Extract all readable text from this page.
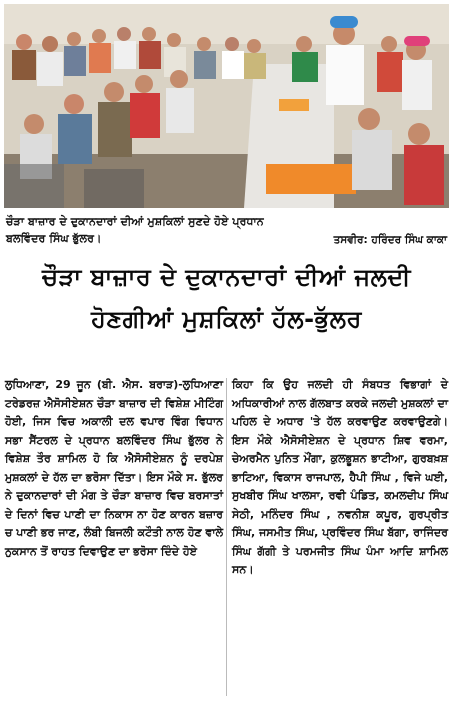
ਚੌੜਾ ਬਾਜ਼ਾਰ ਦੇ ਦੁਕਾਨਦਾਰਾਂ ਦੀਆਂ ਮੁਸ਼ਕਿਲਾਂ ਸੁਣਦੇ ਹੋਏ ਪ੍ਰਧਾਨ
ਬਲਵਿੰਦਰ ਸਿੰਘ ਭੁੱਲਰ।	ਤਸਵੀਰ: ਹਰਿੰਦਰ ਸਿੰਘ ਕਾਕਾ
ਚੌੜਾ ਬਾਜ਼ਾਰ ਦੇ ਦੁਕਾਨਦਾਰਾਂ ਦੀਆਂ ਜਲਦੀ
ਹੋਣਗੀਆਂ ਮੁਸ਼ਕਿਲਾਂ ਹੱਲ-ਭੁੱਲਰ

ਲੁਧਿਆਣਾ, 29 ਜੂਨ (ਬੀ. ਐਸ. ਬਰਾੜ)-ਲੁਧਿਆਣਾ ਟਰੇਡਰਜ਼ ਐਸੋਸੀਏਸ਼ਨ ਚੌੜਾ ਬਾਜ਼ਾਰ ਦੀ ਵਿਸ਼ੇਸ਼ ਮੀਟਿੰਗ ਹੋਈ, ਜਿਸ ਵਿਚ ਅਕਾਲੀ ਦਲ ਵਪਾਰ ਵਿੰਗ ਵਿਧਾਨ ਸਭਾ ਸੈਂਟਰਲ ਦੇ ਪ੍ਰਧਾਨ ਬਲਵਿੰਦਰ ਸਿੰਘ ਭੁੱਲਰ ਨੇ ਵਿਸ਼ੇਸ਼ ਤੌਰ ਸ਼ਾਮਿਲ ਹੋ ਕਿ ਐਸੋਸੀਏਸ਼ਨ ਨੂੰ ਦਰਪੇਸ਼ ਮੁਸ਼ਕਲਾਂ ਦੇ ਹੱਲ ਦਾ ਭਰੋਸਾ ਦਿੱਤਾ। ਇਸ ਮੌਕੇ ਸ. ਭੁੱਲਰ ਨੇ ਦੁਕਾਨਦਾਰਾਂ ਦੀ ਮੰਗ ਤੇ ਚੌੜਾ ਬਾਜ਼ਾਰ ਵਿਚ ਬਰਸਾਤਾਂ ਦੇ ਦਿਨਾਂ ਵਿਚ ਪਾਣੀ ਦਾ ਨਿਕਾਸ ਨਾ ਹੋਣ ਕਾਰਨ ਬਜ਼ਾਰ ਚ ਪਾਣੀ ਭਰ ਜਾਣ, ਲੰਬੀ ਬਿਜਲੀ ਕਟੌਤੀ ਨਾਲ ਹੋਣ ਵਾਲੇ ਨੁਕਸਾਨ ਤੋਂ ਰਾਹਤ ਦਿਵਾਉਣ ਦਾ ਭਰੋਸਾ ਦਿੰਦੇ ਹੋਏ

ਕਿਹਾ ਕਿ ਉਹ ਜਲਦੀ ਹੀ ਸੰਬਧਤ ਵਿਭਾਗਾਂ ਦੇ ਅਧਿਕਾਰੀਆਂ ਨਾਲ ਗੱਲਬਾਤ ਕਰਕੇ ਜਲਦੀ ਮੁਸ਼ਕਲਾਂ ਦਾ ਪਹਿਲ ਦੇ ਅਧਾਰ 'ਤੇ ਹੱਲ ਕਰਵਾਉਣ ਕਰਵਾਉਣਗੇ। ਇਸ ਮੌਕੇ ਐਸੋਸੀਏਸ਼ਨ ਦੇ ਪ੍ਰਧਾਨ ਸ਼ਿਵ ਵਰਮਾ, ਚੇਅਰਮੈਨ ਪੁਨਿਤ ਮੌਂਗਾ, ਕੁਲਭੂਸ਼ਨ ਭਾਟੀਆ, ਗੁਰਬਖ਼ਸ਼ ਭਾਟਿਆ, ਵਿਕਾਸ ਰਾਜਪਾਲ, ਹੈਪੀ ਸਿੰਘ , ਵਿਜੇ ਘਈ, ਸੁਖਬੀਰ ਸਿੰਘ ਖਾਲਸਾ, ਰਵੀ ਪੰਡਿਤ, ਕਮਲਦੀਪ ਸਿੰਘ ਸੇਠੀ, ਮਨਿੰਦਰ ਸਿੰਘ , ਨਵਨੀਸ਼ ਕਪੂਰ, ਗੁਰਪ੍ਰੀਤ ਸਿੰਘ, ਜਸਮੀਤ ਸਿੰਘ, ਪ੍ਰਵਿੰਦਰ ਸਿੰਘ ਬੱਗਾ, ਰਾਜਿੰਦਰ ਸਿੰਘ ਗੱਗੀ ਤੇ ਪਰਮਜੀਤ ਸਿੰਘ ਪੰਮਾ ਆਦਿ ਸ਼ਾਮਿਲ ਸਨ।
